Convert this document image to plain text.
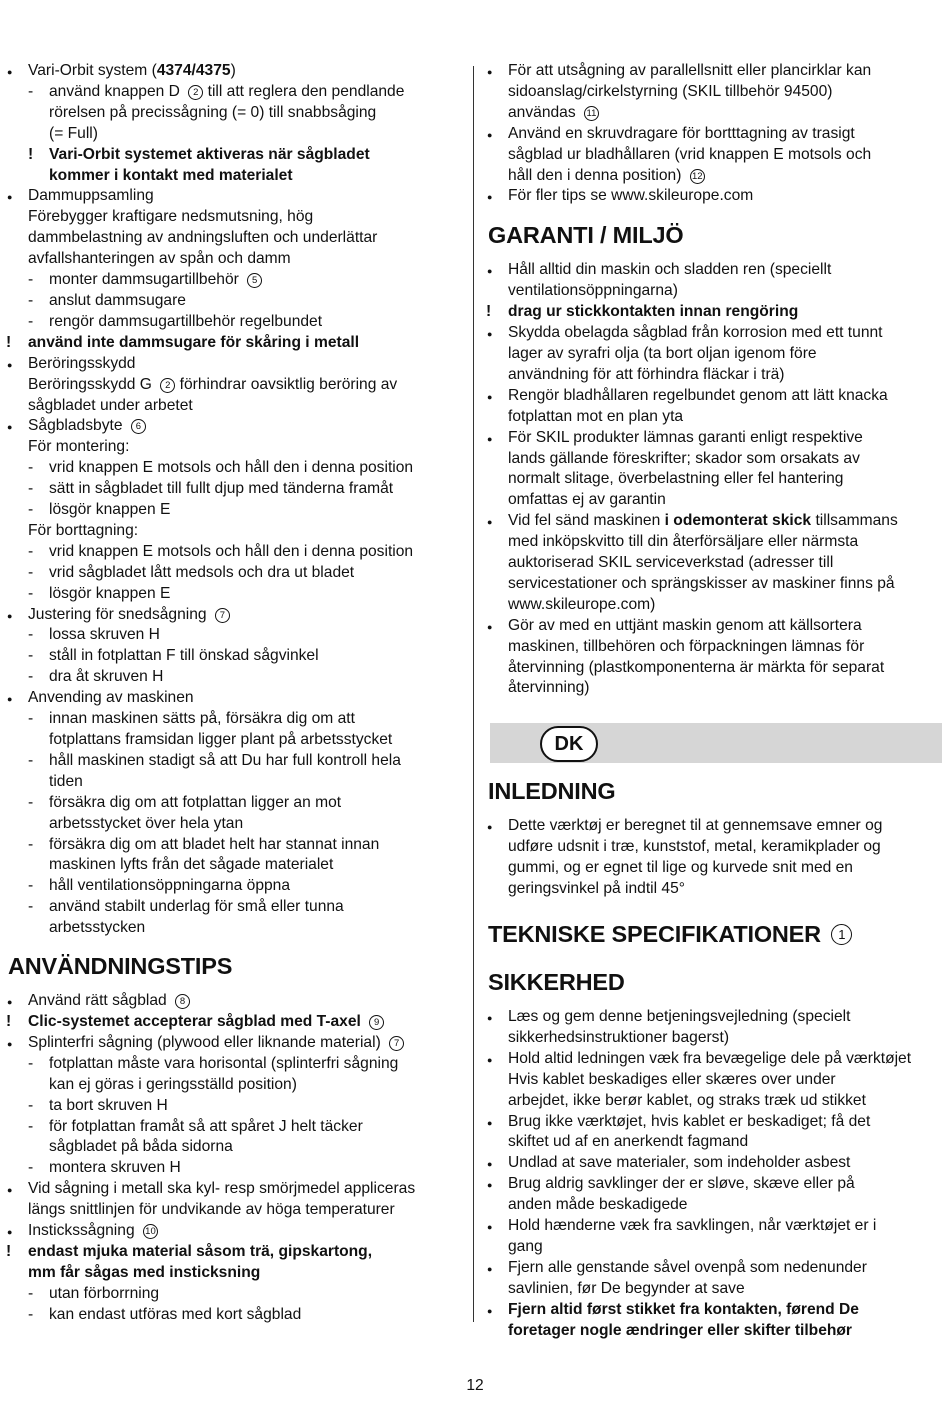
● Vari-Orbit system (4374/4375)
- använd knappen D 2 till att reglera den pendlande
rörelsen på precissågning (= 0) till snabbsåging
(= Full)
! Vari-Orbit systemet aktiveras när sågbladet
kommer i kontakt med materialet
● Dammuppsamling
Förebygger kraftigare nedsmutsning, hög
dammbelastning av andningsluften och underlättar
avfallshanteringen av spån och damm
- monter dammsugartillbehör 5
- anslut dammsugare
- rengör dammsugartillbehör regelbundet
! använd inte dammsugare för skåring i metall
● Beröringsskydd
Beröringsskydd G 2 förhindrar oavsiktlig beröring av
sågbladet under arbetet
● Sågbladsbyte 6
För montering:
- vrid knappen E motsols och håll den i denna position
- sätt in sågbladet till fullt djup med tänderna framåt
- lösgör knappen E
För borttagning:
- vrid knappen E motsols och håll den i denna position
- vrid sågbladet lått medsols och dra ut bladet
- lösgör knappen E
● Justering för snedsågning 7
- lossa skruven H
- ståll in fotplattan F till önskad sågvinkel
- dra åt skruven H
● Anvending av maskinen
- innan maskinen sätts på, försäkra dig om att
fotplattans framsidan ligger plant på arbetsstycket
- håll maskinen stadigt så att Du har full kontroll hela
tiden
- försäkra dig om att fotplattan ligger an mot
arbetsstycket över hela ytan
- försäkra dig om att bladet helt har stannat innan
maskinen lyfts från det sågade materialet
- håll ventilationsöppningarna öppna
- använd stabilt underlag för små eller tunna
arbetsstycken
ANVÄNDNINGSTIPS
● Använd rätt sågblad 8
! Clic-systemet accepterar sågblad med T-axel 9
● Splinterfri sågning (plywood eller liknande material) 7
- fotplattan måste vara horisontal (splinterfri sågning
kan ej göras i geringsställd position)
- ta bort skruven H
- för fotplattan framåt så att spåret J helt täcker
sågbladet på båda sidorna
- montera skruven H
● Vid sågning i metall ska kyl- resp smörjmedel appliceras
längs snittlinjen för undvikande av höga temperaturer
● Instickssågning 10
! endast mjuka material såsom trä, gipskartong,
mm får sågas med insticksning
- utan förborrning
- kan endast utföras med kort sågblad
● För att utsågning av parallellsnitt eller plancirklar kan
sidoanslag/cirkelstyrning (SKIL tillbehör 94500)
användas 11
● Använd en skruvdragare för bortttagning av trasigt
sågblad ur bladhållaren (vrid knappen E motsols och
håll den i denna position) 12
● För fler tips se www.skileurope.com
GARANTI / MILJÖ
● Håll alltid din maskin och sladden ren (speciellt
ventilationsöppningarna)
! drag ur stickkontakten innan rengöring
● Skydda obelagda sågblad från korrosion med ett tunnt
lager av syrafri olja (ta bort oljan igenom före
användning för att förhindra fläckar i trä)
● Rengör bladhållaren regelbundet genom att lätt knacka
fotplattan mot en plan yta
● För SKIL produkter lämnas garanti enligt respektive
lands gällande föreskrifter; skador som orsakats av
normalt slitage, överbelastning eller fel hantering
omfattas ej av garantin
● Vid fel sänd maskinen i odemonterat skick tillsammans
med inköpskvitto till din återförsäljare eller närmsta
auktoriserad SKIL serviceverkstad (adresser till
servicestationer och sprängskisser av maskiner finns på
www.skileurope.com)
● Gör av med en uttjänt maskin genom att källsortera
maskinen, tillbehören och förpackningen lämnas för
återvinning (plastkomponenterna är märkta för separat
återvinning)
DK
INLEDNING
● Dette værktøj er beregnet til at gennemsave emner og
udføre udsnit i træ, kunststof, metal, keramikplader og
gummi, og er egnet til lige og kurvede snit med en
geringsvinkel på indtil 45°
TEKNISKE SPECIFIKATIONER 1
SIKKERHED
● Læs og gem denne betjeningsvejledning (specielt
sikkerhedsinstruktioner bagerst)
● Hold altid ledningen væk fra bevægelige dele på værktøjet
Hvis kablet beskadiges eller skæres over under
arbejdet, ikke berør kablet, og straks træk ud stikket
● Brug ikke værktøjet, hvis kablet er beskadiget; få det
skiftet ud af en anerkendt fagmand
● Undlad at save materialer, som indeholder asbest
● Brug aldrig savklinger der er sløve, skæve eller på
anden måde beskadigede
● Hold hænderne væk fra savklingen, når værktøjet er i
gang
● Fjern alle genstande såvel ovenpå som nedenunder
savlinien, før De begynder at save
● Fjern altid først stikket fra kontakten, førend De
foretager nogle ændringer eller skifter tilbehør
12
